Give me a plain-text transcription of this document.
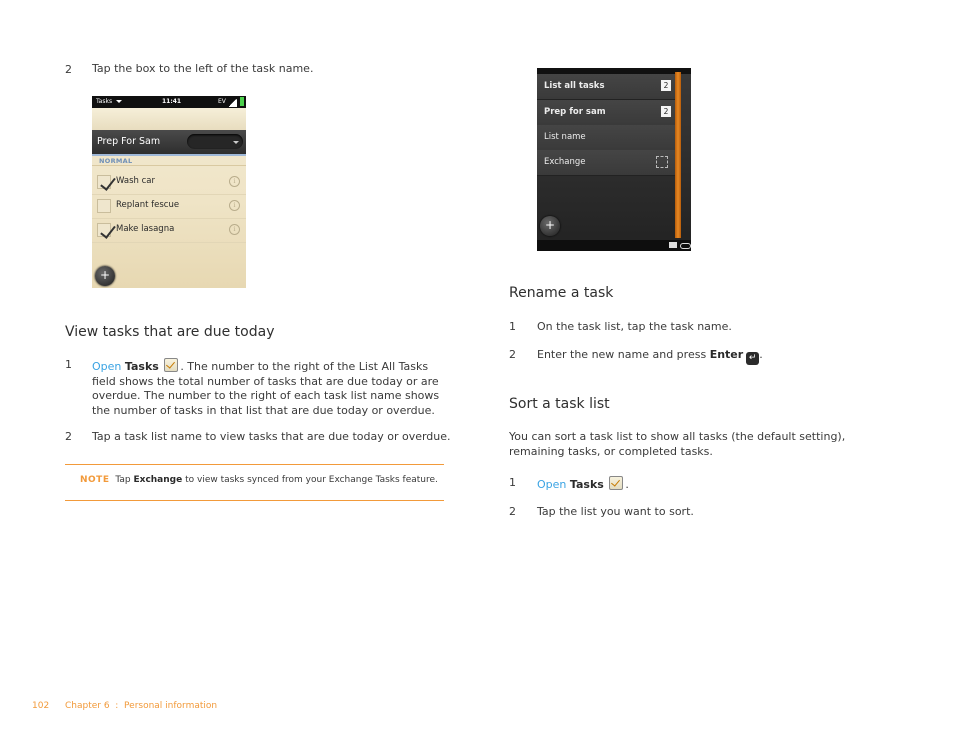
2 Tap the box to the left of the task name.
Tasks	11:41	EV
Prep For Sam
NORMAL
Wash car	i
Replant fescue	i
Make lasagna	i
+
View tasks that are due today
1 Open Tasks . The number to the right of the List All Tasks field shows the total number of tasks that are due today or are overdue. The number to the right of each task list name shows the number of tasks in that list that are due today or overdue.
2 Tap a task list name to view tasks that are due today or overdue.
NOTE Tap Exchange to view tasks synced from your Exchange Tasks feature.
List all tasks	2
Prep for sam	2
List name
Exchange
+
Rename a task
1 On the task list, tap the task name.
2 Enter the new name and press Enter ↵ .
Sort a task list
You can sort a task list to show all tasks (the default setting), remaining tasks, or completed tasks.
1 Open Tasks .
2 Tap the list you want to sort.
102 Chapter 6  :  Personal information
